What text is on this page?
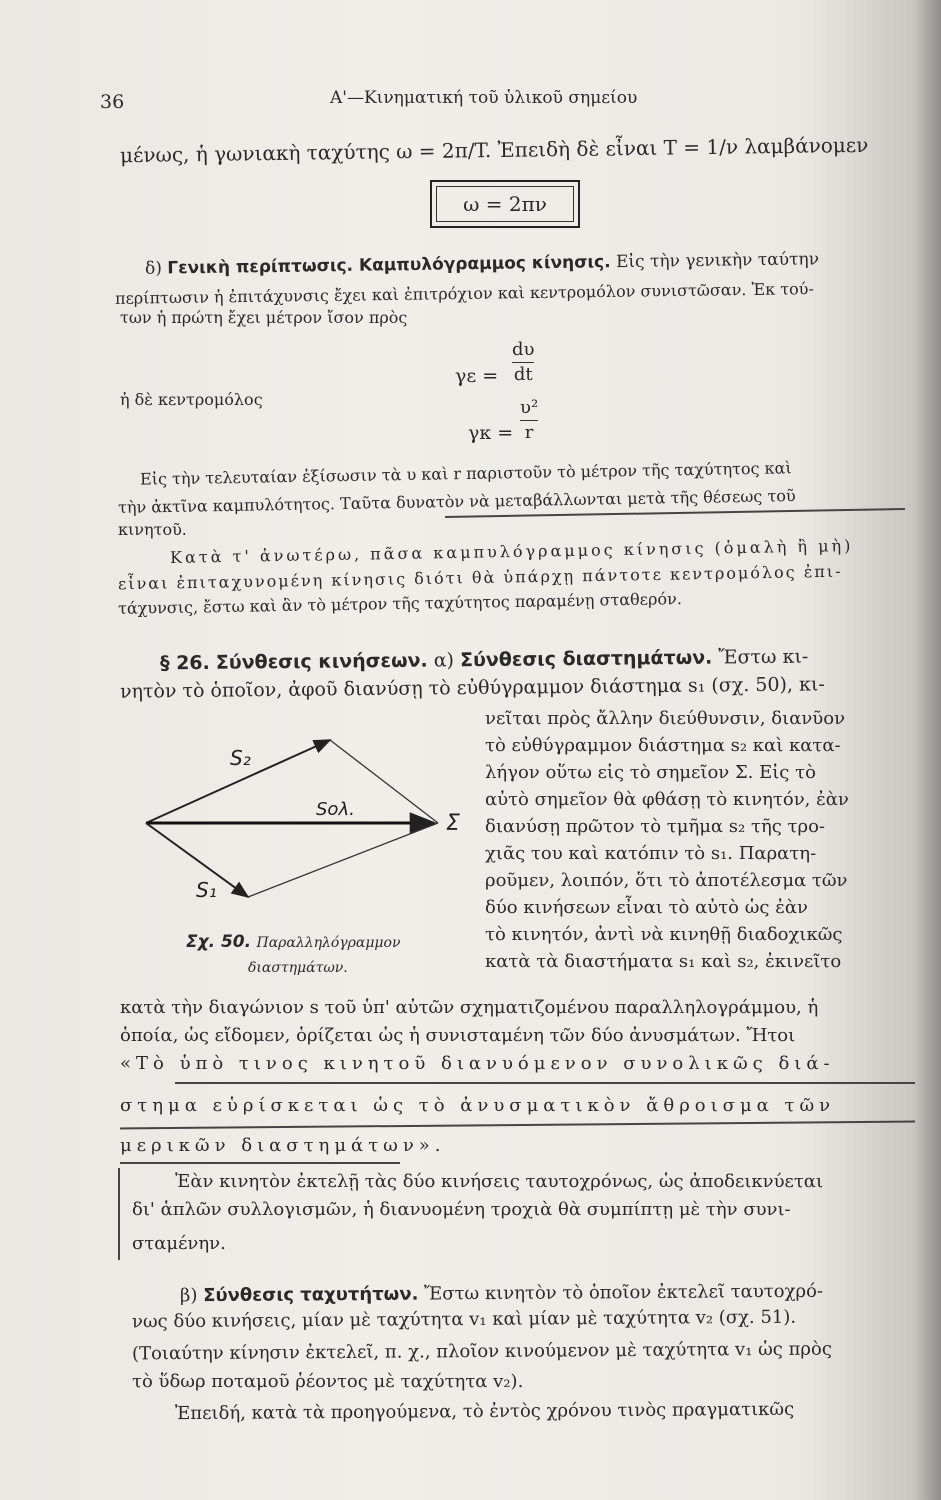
36	A'—Κινηματική τοῦ ὑλικοῦ σημείου
μένως, ἡ γωνιακὴ ταχύτης ω = 2π/T. Ἐπειδὴ δὲ εἶναι T = 1/ν λαμβάνομεν
ω = 2πν
δ) Γενικὴ περίπτωσις. Καμπυλόγραμμος κίνησις. Εἰς τὴν γενικὴν ταύτην
περίπτωσιν ἡ ἐπιτάχυνσις ἔχει καὶ ἐπιτρόχιον καὶ κεντρομόλον συνιστῶσαν. Ἐκ τού-
των ἡ πρώτη ἔχει μέτρον ἴσον πρὸς
γε =
dυ
dt
ἡ δὲ κεντρομόλος
γκ =
υ²
r
Εἰς τὴν τελευταίαν ἐξίσωσιν τὰ υ καὶ r παριστοῦν τὸ μέτρον τῆς ταχύτητος καὶ
τὴν ἀκτῖνα καμπυλότητος. Ταῦτα δυνατὸν νὰ μεταβάλλωνται μετὰ τῆς θέσεως τοῦ
κινητοῦ.
Κατὰ τ' ἀνωτέρω, πᾶσα καμπυλόγραμμος κίνησις (ὁμαλὴ ἢ μὴ)
εἶναι ἐπιταχυνομένη κίνησις διότι θὰ ὑπάρχῃ πάντοτε κεντρομόλος ἐπι-
τάχυνσις, ἔστω καὶ ἂν τὸ μέτρον τῆς ταχύτητος παραμένῃ σταθερόν.
§ 26. Σύνθεσις κινήσεων. α) Σύνθεσις διαστημάτων. Ἔστω κι-
νητὸν τὸ ὁποῖον, ἀφοῦ διανύσῃ τὸ εὐθύγραμμον διάστημα s₁ (σχ. 50), κι-
νεῖται πρὸς ἄλλην διεύθυνσιν, διανῦον
τὸ εὐθύγραμμον διάστημα s₂ καὶ κατα-
λήγον οὕτω εἰς τὸ σημεῖον Σ. Εἰς τὸ
αὐτὸ σημεῖον θὰ φθάσῃ τὸ κινητόν, ἐὰν
διανύσῃ πρῶτον τὸ τμῆμα s₂ τῆς τρο-
χιᾶς του καὶ κατόπιν τὸ s₁. Παρατη-
ροῦμεν, λοιπόν, ὅτι τὸ ἀποτέλεσμα τῶν
δύο κινήσεων εἶναι τὸ αὐτὸ ὡς ἐὰν
τὸ κινητόν, ἀντὶ νὰ κινηθῇ διαδοχικῶς
κατὰ τὰ διαστήματα s₁ καὶ s₂, ἐκινεῖτο
S₂
Sολ.
Σ
S₁
Σχ. 50. Παραλληλόγραμμον
διαστημάτων.
κατὰ τὴν διαγώνιον s τοῦ ὑπ' αὐτῶν σχηματιζομένου παραλληλογράμμου, ἡ
ὁποία, ὡς εἴδομεν, ὁρίζεται ὡς ἡ συνισταμένη τῶν δύο ἀνυσμάτων. Ἤτοι
«Τὸ ὑπὸ τινος κινητοῦ διανυόμενον συνολικῶς διά-
στημα εὑρίσκεται ὡς τὸ ἀνυσματικὸν ἄθροισμα τῶν
μερικῶν διαστημάτων».
Ἐὰν κινητὸν ἐκτελῇ τὰς δύο κινήσεις ταυτοχρόνως, ὡς ἀποδεικνύεται
δι' ἁπλῶν συλλογισμῶν, ἡ διανυομένη τροχιὰ θὰ συμπίπτῃ μὲ τὴν συνι-
σταμένην.
β) Σύνθεσις ταχυτήτων. Ἔστω κινητὸν τὸ ὁποῖον ἐκτελεῖ ταυτοχρό-
νως δύο κινήσεις, μίαν μὲ ταχύτητα v₁ καὶ μίαν μὲ ταχύτητα v₂ (σχ. 51).
(Τοιαύτην κίνησιν ἐκτελεῖ, π. χ., πλοῖον κινούμενον μὲ ταχύτητα v₁ ὡς πρὸς
τὸ ὕδωρ ποταμοῦ ῥέοντος μὲ ταχύτητα v₂).
Ἐπειδή, κατὰ τὰ προηγούμενα, τὸ ἐντὸς χρόνου τινὸς πραγματικῶς
